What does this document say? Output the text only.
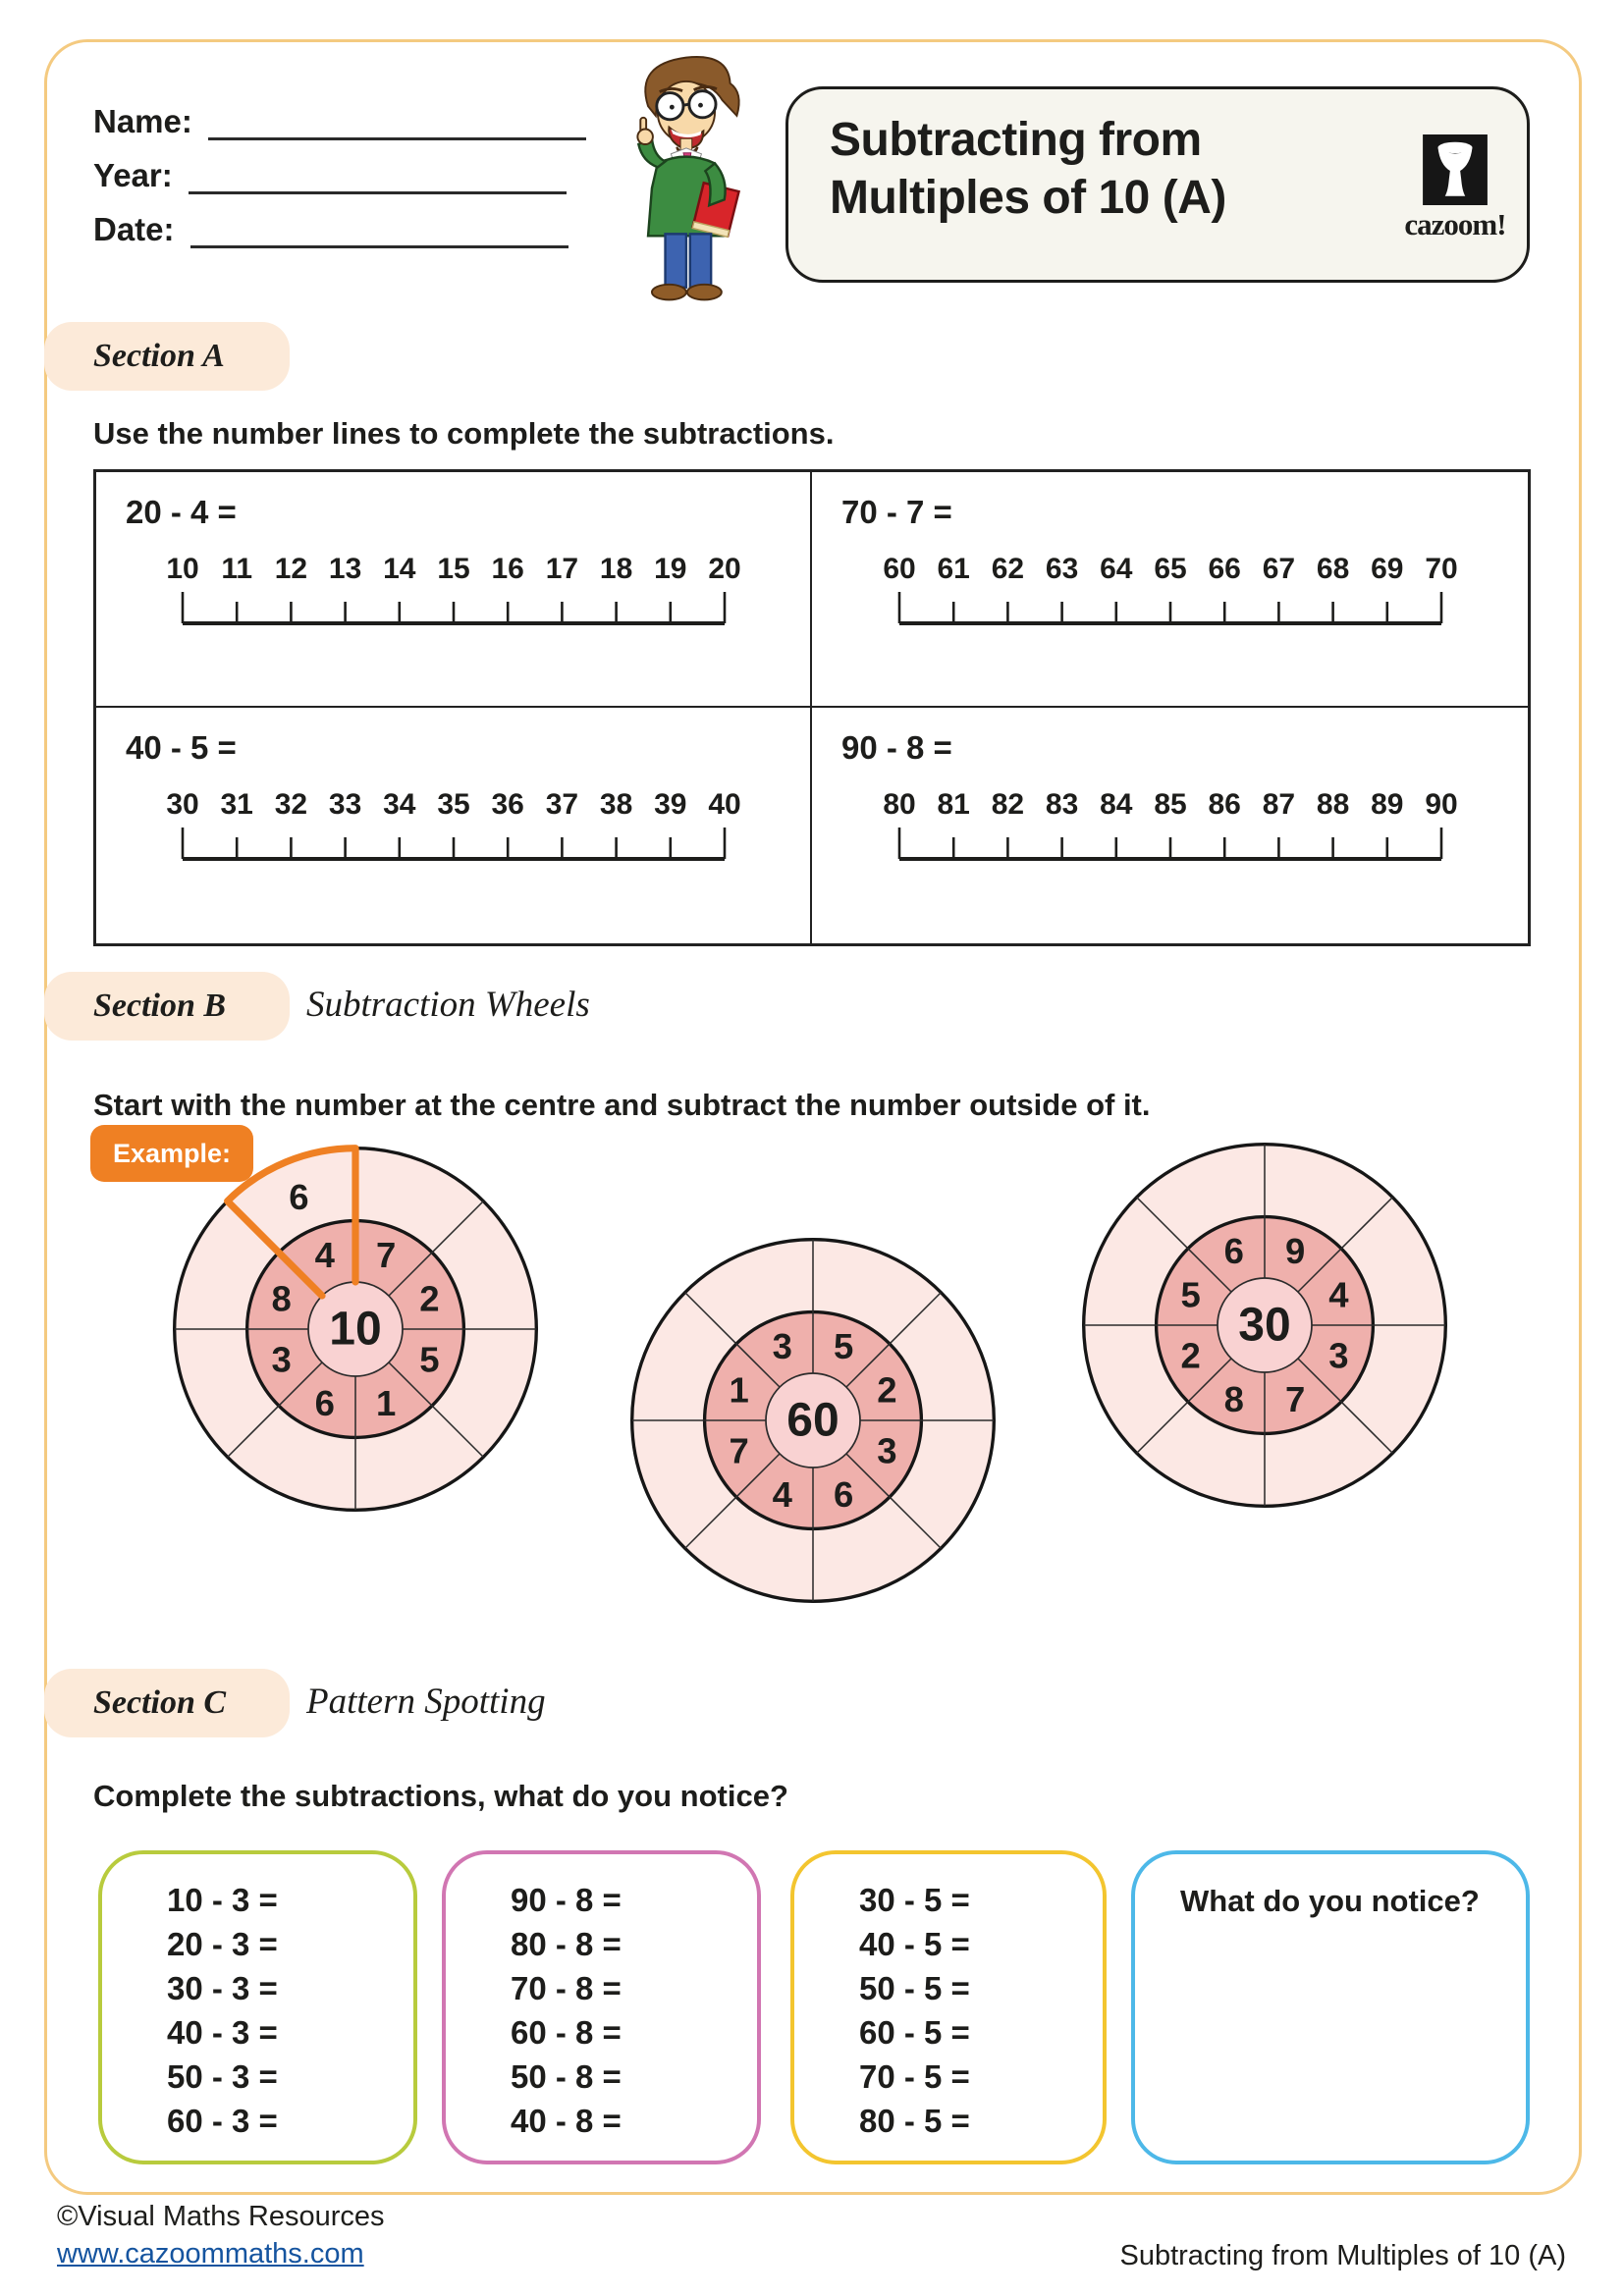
Name:
Year:
Date:
Subtracting from
Multiples of 10 (A)
cazoom!
Section A
Use the number lines to complete the subtractions.
20 - 4 =
10 11 12 13 14 15 16 17 18 19 20
70 - 7 =
60 61 62 63 64 65 66 67 68 69 70
40 - 5 =
30 31 32 33 34 35 36 37 38 39 40
90 - 8 =
80 81 82 83 84 85 86 87 88 89 90
Section B Subtraction Wheels
Start with the number at the centre and subtract the number outside of it.
Example:
6
4 7
2
5
1
6
3
8
10	3 5
2
3
6
4
7
1
60
6 9
4
3
7
8
2
5
30
Section C Pattern Spotting
Complete the subtractions, what do you notice?
10 - 3 =
20 - 3 =
30 - 3 =
40 - 3 =
50 - 3 =
60 - 3 =
90 - 8 =
80 - 8 =
70 - 8 =
60 - 8 =
50 - 8 =
40 - 8 =
30 - 5 =
40 - 5 =
50 - 5 =
60 - 5 =
70 - 5 =
80 - 5 =
What do you notice?
©Visual Maths Resources
www.cazoommaths.com	Subtracting from Multiples of 10 (A)
